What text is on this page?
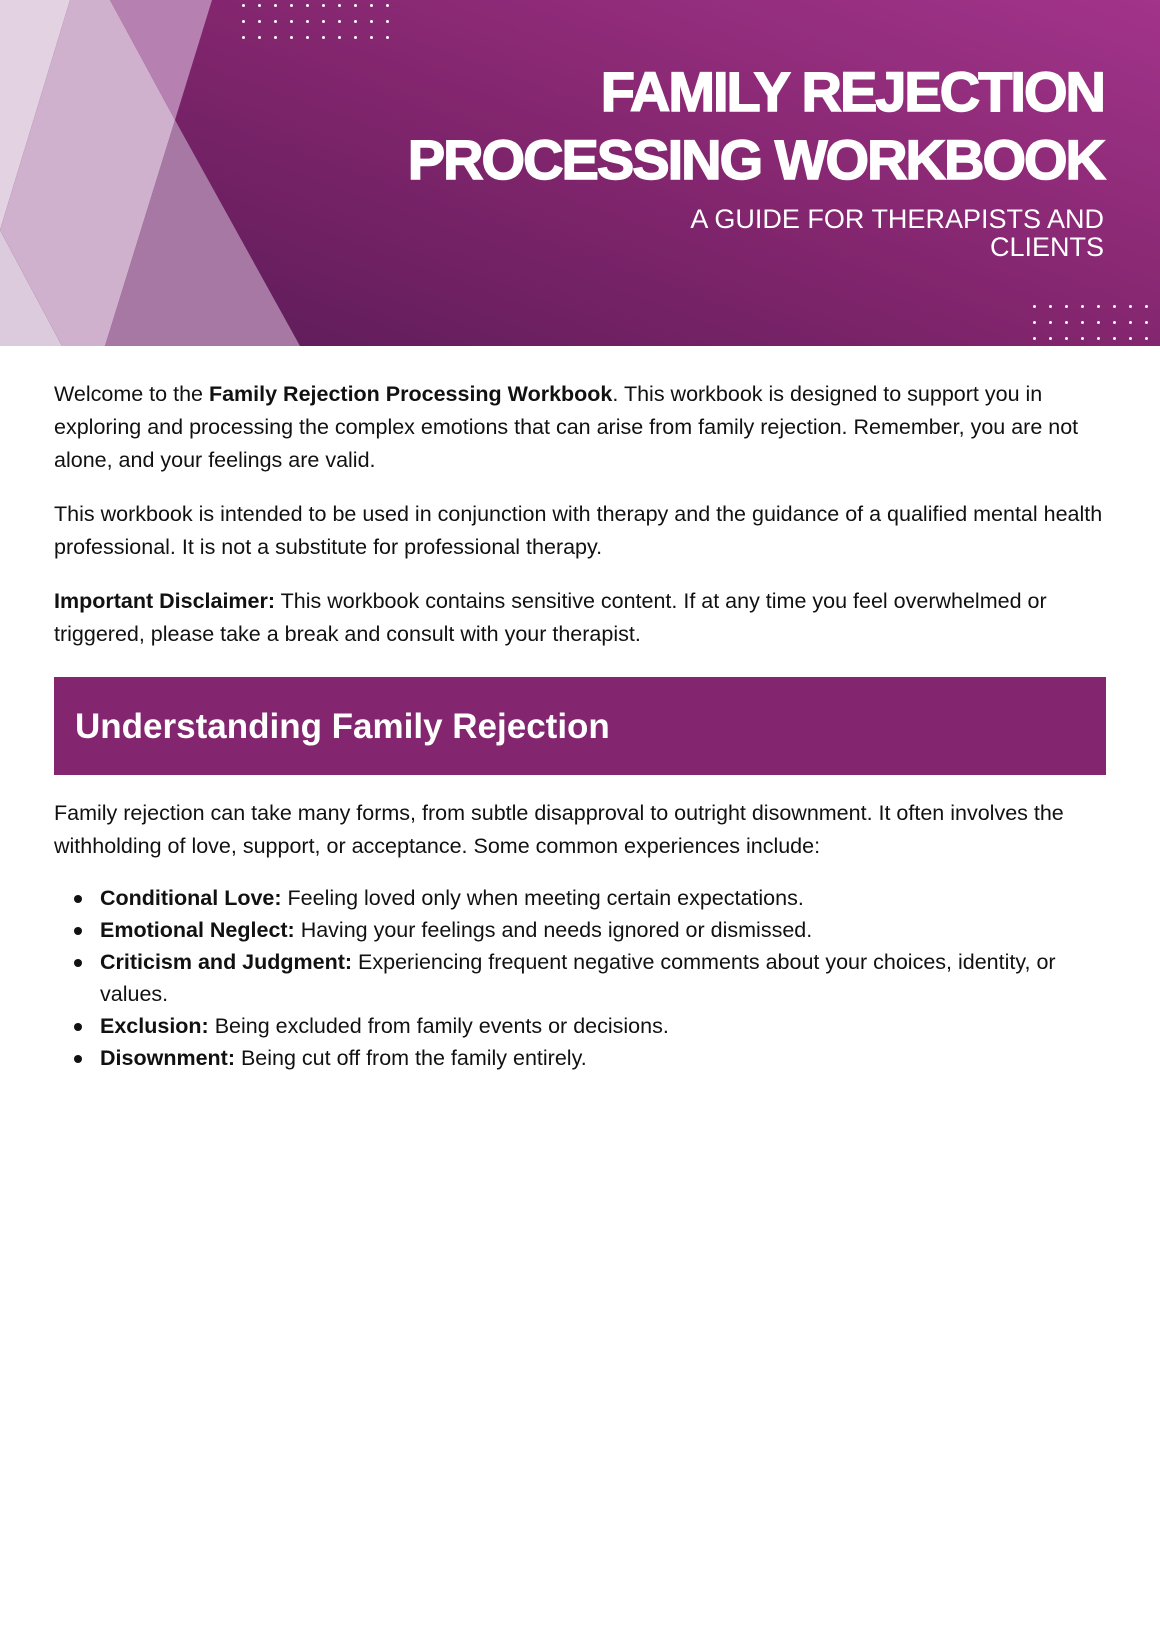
FAMILY REJECTION
PROCESSING WORKBOOK
A GUIDE FOR THERAPISTS AND CLIENTS

Welcome to the Family Rejection Processing Workbook. This workbook is designed to support you in exploring and processing the complex emotions that can arise from family rejection. Remember, you are not alone, and your feelings are valid.

This workbook is intended to be used in conjunction with therapy and the guidance of a qualified mental health professional. It is not a substitute for professional therapy.

Important Disclaimer: This workbook contains sensitive content. If at any time you feel overwhelmed or triggered, please take a break and consult with your therapist.

Understanding Family Rejection

Family rejection can take many forms, from subtle disapproval to outright disownment. It often involves the withholding of love, support, or acceptance. Some common experiences include:

Conditional Love: Feeling loved only when meeting certain expectations.
Emotional Neglect: Having your feelings and needs ignored or dismissed.
Criticism and Judgment: Experiencing frequent negative comments about your choices, identity, or values.
Exclusion: Being excluded from family events or decisions.
Disownment: Being cut off from the family entirely.
